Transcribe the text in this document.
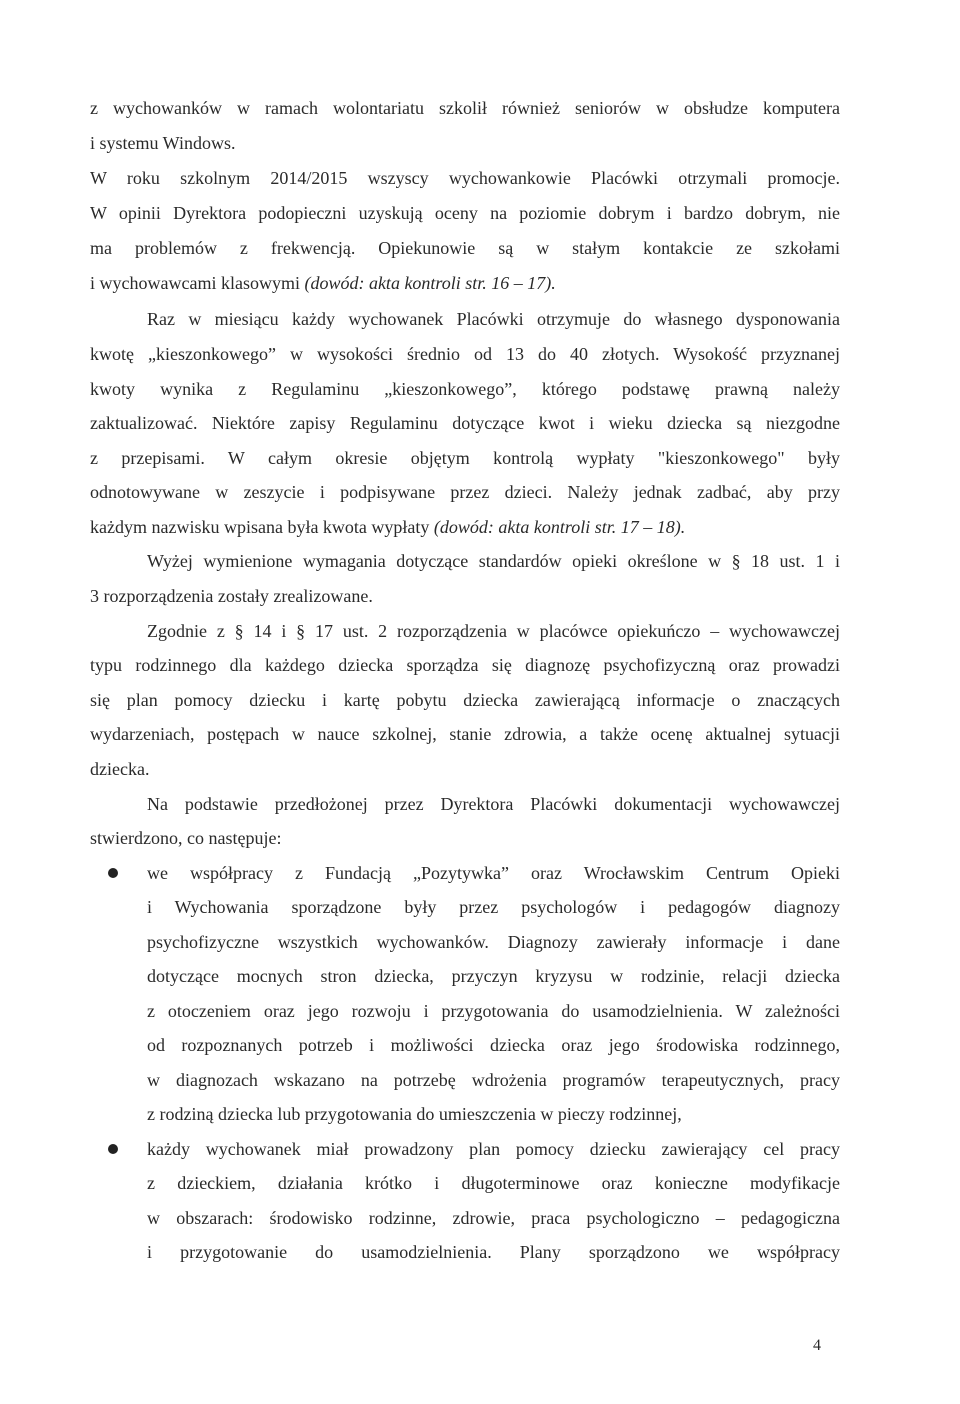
z wychowanków w ramach wolontariatu szkolił również seniorów w obsłudze komputera
i systemu Windows.
W roku szkolnym 2014/2015 wszyscy wychowankowie Placówki otrzymali promocje.
W opinii Dyrektora podopieczni uzyskują oceny na poziomie dobrym i bardzo dobrym, nie
ma problemów z frekwencją. Opiekunowie są w stałym kontakcie ze szkołami
i wychowawcami klasowymi (dowód: akta kontroli str. 16 – 17).
Raz w miesiącu każdy wychowanek Placówki otrzymuje do własnego dysponowania
kwotę „kieszonkowego” w wysokości średnio od 13 do 40 złotych. Wysokość przyznanej
kwoty wynika z Regulaminu „kieszonkowego”, którego podstawę prawną należy
zaktualizować. Niektóre zapisy Regulaminu dotyczące kwot i wieku dziecka są niezgodne
z przepisami. W całym okresie objętym kontrolą wypłaty "kieszonkowego" były
odnotowywane w zeszycie i podpisywane przez dzieci. Należy jednak zadbać, aby przy
każdym nazwisku wpisana była kwota wypłaty (dowód: akta kontroli str. 17 – 18).
Wyżej wymienione wymagania dotyczące standardów opieki określone w § 18 ust. 1 i
3 rozporządzenia zostały zrealizowane.
Zgodnie z § 14 i § 17 ust. 2 rozporządzenia w placówce opiekuńczo – wychowawczej
typu rodzinnego dla każdego dziecka sporządza się diagnozę psychofizyczną oraz prowadzi
się plan pomocy dziecku i kartę pobytu dziecka zawierającą informacje o znaczących
wydarzeniach, postępach w nauce szkolnej, stanie zdrowia, a także ocenę aktualnej sytuacji
dziecka.
Na podstawie przedłożonej przez Dyrektora Placówki dokumentacji wychowawczej
stwierdzono, co następuje:
we współpracy z Fundacją „Pozytywka” oraz Wrocławskim Centrum Opieki
i Wychowania sporządzone były przez psychologów i pedagogów diagnozy
psychofizyczne wszystkich wychowanków. Diagnozy zawierały informacje i dane
dotyczące mocnych stron dziecka, przyczyn kryzysu w rodzinie, relacji dziecka
z otoczeniem oraz jego rozwoju i przygotowania do usamodzielnienia. W zależności
od rozpoznanych potrzeb i możliwości dziecka oraz jego środowiska rodzinnego,
w diagnozach wskazano na potrzebę wdrożenia programów terapeutycznych, pracy
z rodziną dziecka lub przygotowania do umieszczenia w pieczy rodzinnej,
każdy wychowanek miał prowadzony plan pomocy dziecku zawierający cel pracy
z dzieckiem, działania krótko i długoterminowe oraz konieczne modyfikacje
w obszarach: środowisko rodzinne, zdrowie, praca psychologiczno – pedagogiczna
i przygotowanie do usamodzielnienia. Plany sporządzono we współpracy
4
